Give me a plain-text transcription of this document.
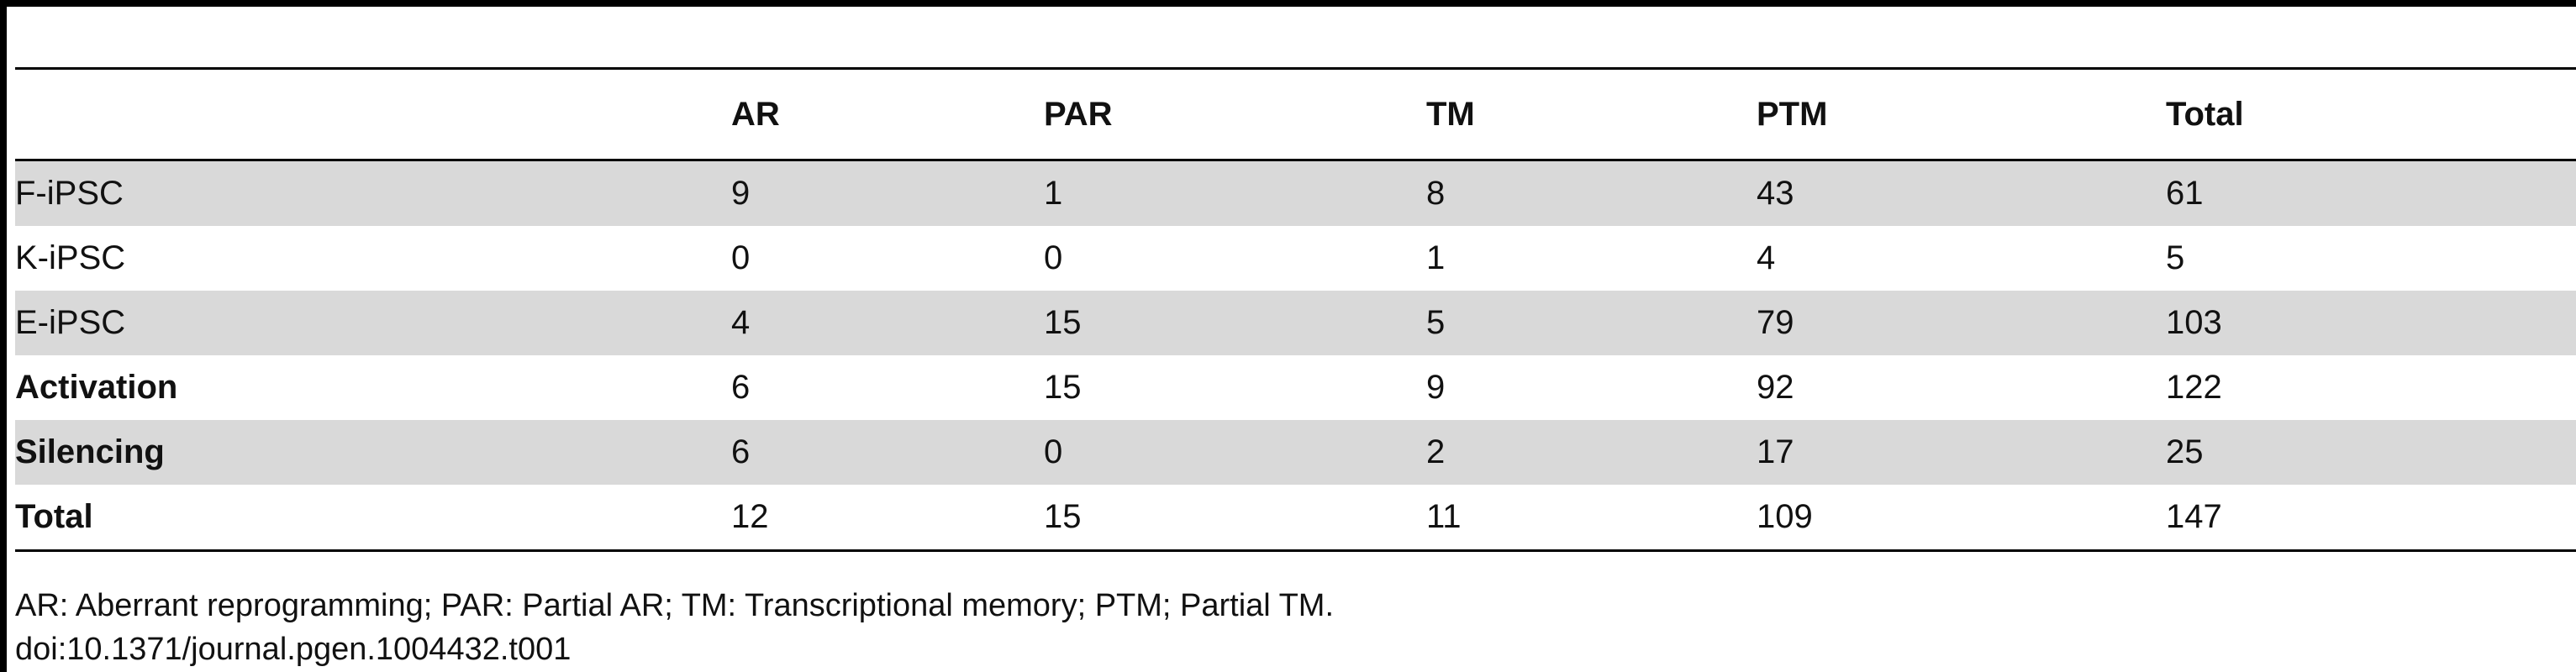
	AR	PAR	TM	PTM	Total
F-iPSC	9	1	8	43	61
K-iPSC	0	0	1	4	5
E-iPSC	4	15	5	79	103
Activation	6	15	9	92	122
Silencing	6	0	2	17	25
Total	12	15	11	109	147
AR: Aberrant reprogramming; PAR: Partial AR; TM: Transcriptional memory; PTM; Partial TM.
doi:10.1371/journal.pgen.1004432.t001
